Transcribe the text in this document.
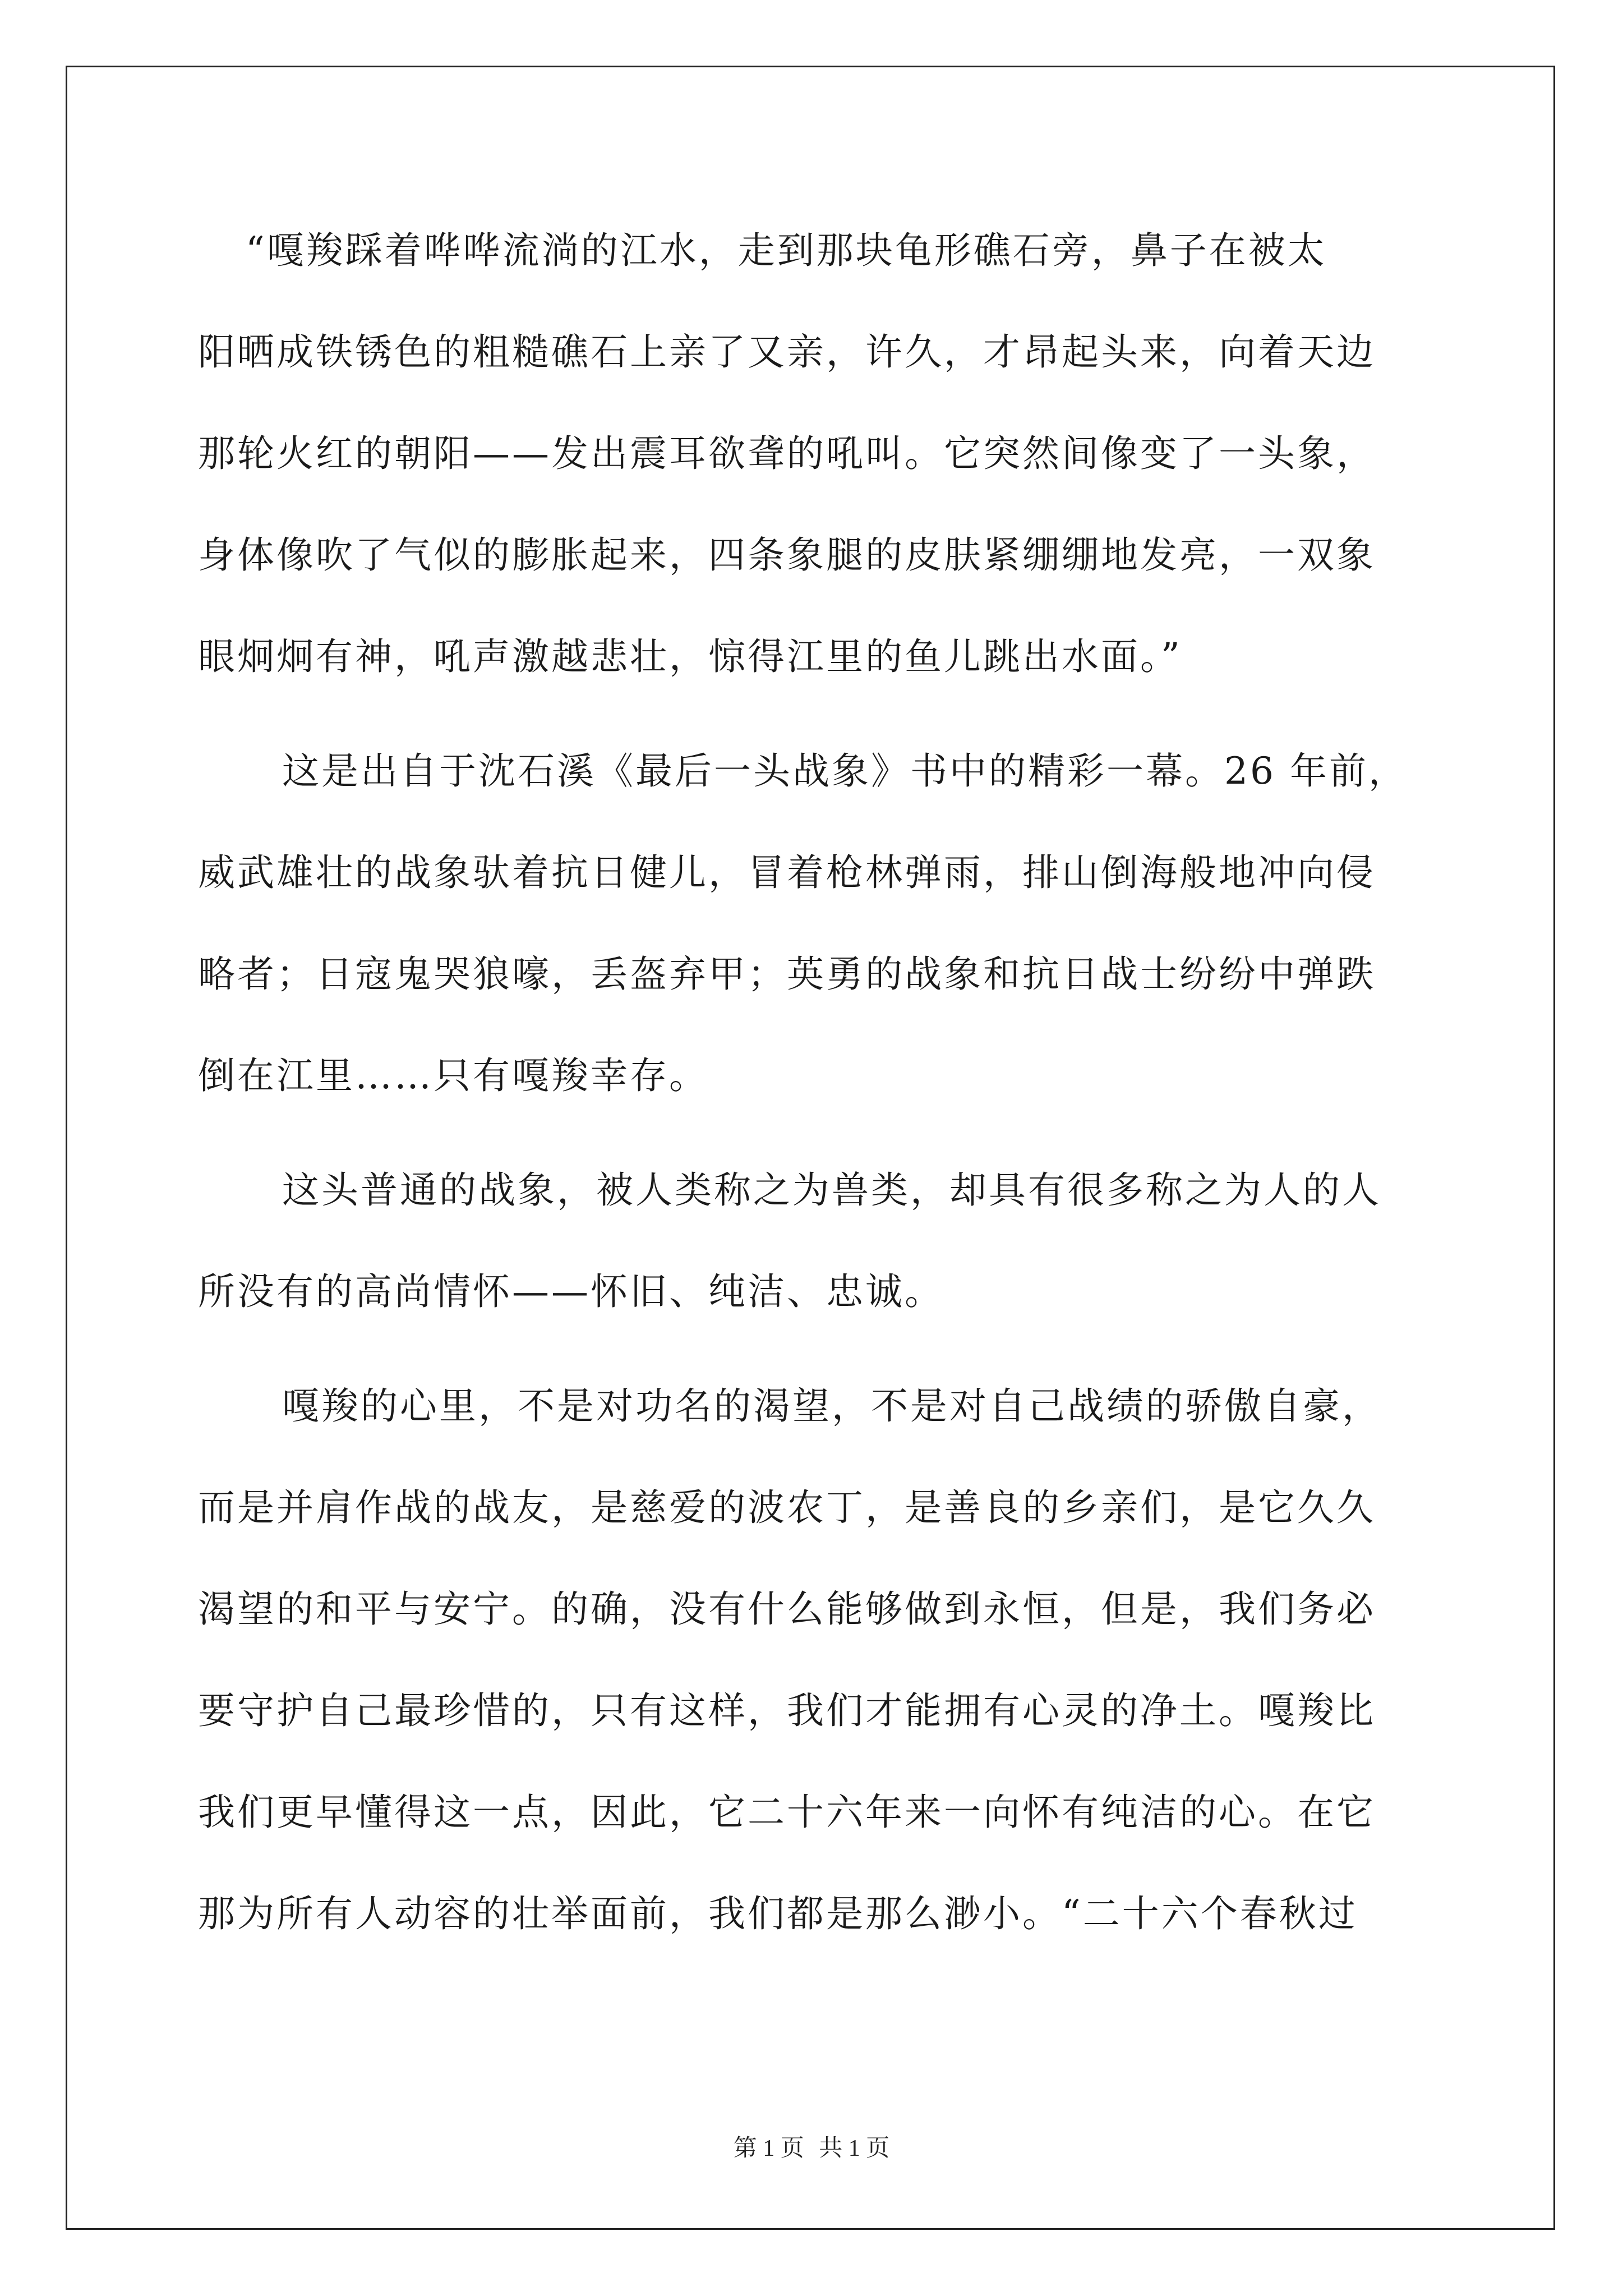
“嘎羧踩着哗哗流淌的江水，走到那块龟形礁石旁，鼻子在被太
阳晒成铁锈色的粗糙礁石上亲了又亲，许久，才昂起头来，向着天边
那轮火红的朝阳——发出震耳欲聋的吼叫。它突然间像变了一头象，
身体像吹了气似的膨胀起来，四条象腿的皮肤紧绷绷地发亮，一双象
眼炯炯有神，吼声激越悲壮，惊得江里的鱼儿跳出水面。”
这是出自于沈石溪《最后一头战象》书中的精彩一幕。26 年前，
威武雄壮的战象驮着抗日健儿，冒着枪林弹雨，排山倒海般地冲向侵
略者；日寇鬼哭狼嚎，丢盔弃甲；英勇的战象和抗日战士纷纷中弹跌
倒在江里……只有嘎羧幸存。
这头普通的战象，被人类称之为兽类，却具有很多称之为人的人
所没有的高尚情怀——怀旧、纯洁、忠诚。
嘎羧的心里，不是对功名的渴望，不是对自己战绩的骄傲自豪，
而是并肩作战的战友，是慈爱的波农丁，是善良的乡亲们，是它久久
渴望的和平与安宁。的确，没有什么能够做到永恒，但是，我们务必
要守护自己最珍惜的，只有这样，我们才能拥有心灵的净土。嘎羧比
我们更早懂得这一点，因此，它二十六年来一向怀有纯洁的心。在它
那为所有人动容的壮举面前，我们都是那么渺小。“二十六个春秋过
第 1 页 共 1 页
